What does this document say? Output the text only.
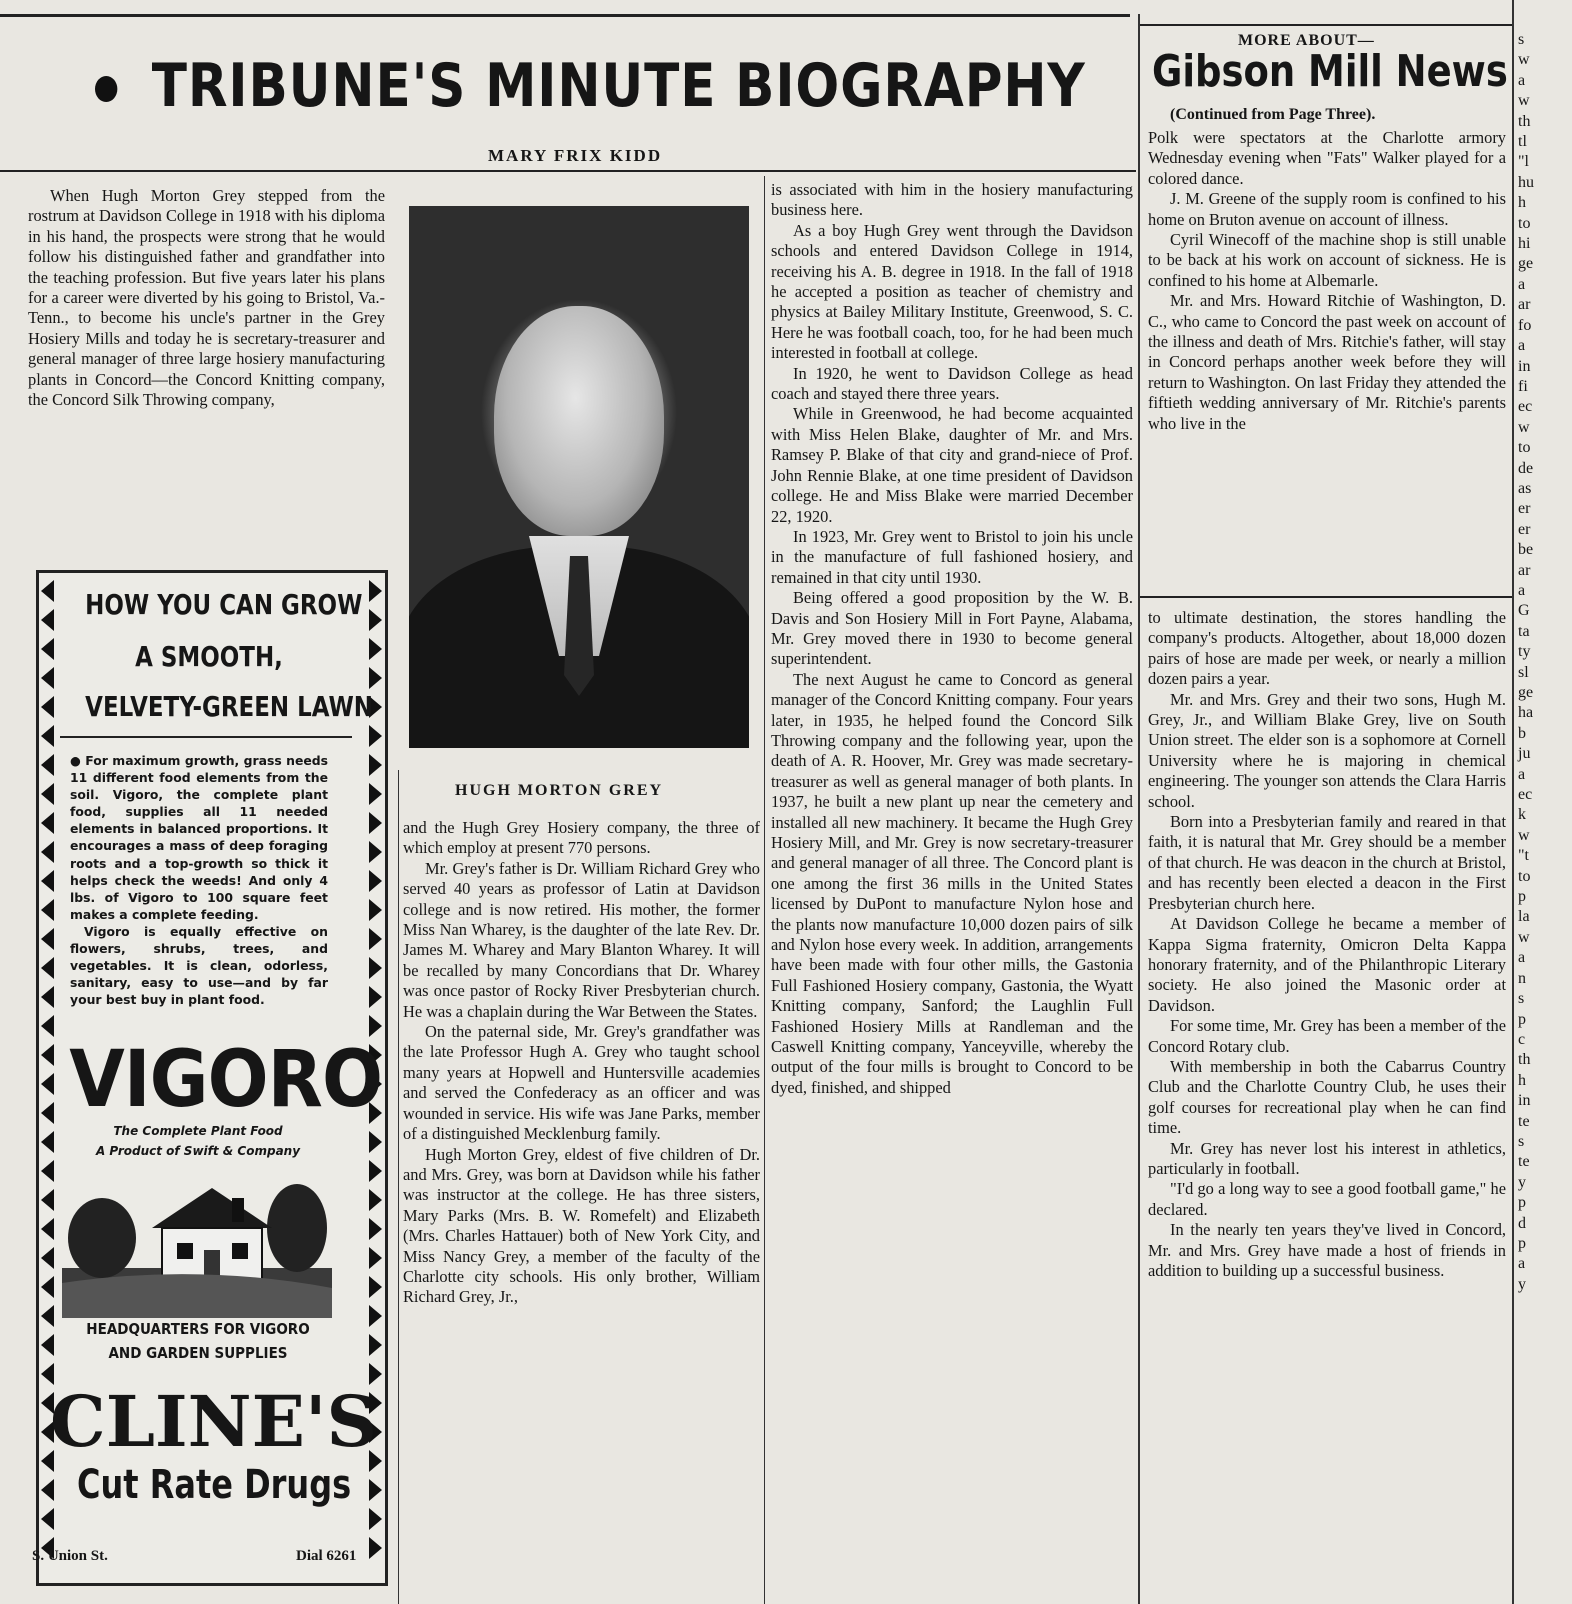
TRIBUNE'S MINUTE BIOGRAPHY
MARY FRIX KIDD

When Hugh Morton Grey stepped from the rostrum at Davidson College in 1918 with his diploma in his hand, the prospects were strong that he would follow his distinguished father and grandfather into the teaching profession. But five years later his plans for a career were diverted by his going to Bristol, Va.-Tenn., to become his uncle's partner in the Grey Hosiery Mills and today he is secretary-treasurer and general manager of three large hosiery manufacturing plants in Concord—the Concord Knitting company, the Concord Silk Throwing company,

HUGH MORTON GREY

and the Hugh Grey Hosiery company, the three of which employ at present 770 persons.

Mr. Grey's father is Dr. William Richard Grey who served 40 years as professor of Latin at Davidson college and is now retired. His mother, the former Miss Nan Wharey, is the daughter of the late Rev. Dr. James M. Wharey and Mary Blanton Wharey. It will be recalled by many Concordians that Dr. Wharey was once pastor of Rocky River Presbyterian church. He was a chaplain during the War Between the States.

On the paternal side, Mr. Grey's grandfather was the late Professor Hugh A. Grey who taught school many years at Hopwell and Huntersville academies and served the Confederacy as an officer and was wounded in service. His wife was Jane Parks, member of a distinguished Mecklenburg family.

Hugh Morton Grey, eldest of five children of Dr. and Mrs. Grey, was born at Davidson while his father was instructor at the college. He has three sisters, Mary Parks (Mrs. B. W. Romefelt) and Elizabeth (Mrs. Charles Hattauer) both of New York City, and Miss Nancy Grey, a member of the faculty of the Charlotte city schools. His only brother, William Richard Grey, Jr.,

is associated with him in the hosiery manufacturing business here.

As a boy Hugh Grey went through the Davidson schools and entered Davidson College in 1914, receiving his A. B. degree in 1918. In the fall of 1918 he accepted a position as teacher of chemistry and physics at Bailey Military Institute, Greenwood, S. C. Here he was football coach, too, for he had been much interested in football at college.

In 1920, he went to Davidson College as head coach and stayed there three years.

While in Greenwood, he had become acquainted with Miss Helen Blake, daughter of Mr. and Mrs. Ramsey P. Blake of that city and grand-niece of Prof. John Rennie Blake, at one time president of Davidson college. He and Miss Blake were married December 22, 1920.

In 1923, Mr. Grey went to Bristol to join his uncle in the manufacture of full fashioned hosiery, and remained in that city until 1930.

Being offered a good proposition by the W. B. Davis and Son Hosiery Mill in Fort Payne, Alabama, Mr. Grey moved there in 1930 to become general superintendent.

The next August he came to Concord as general manager of the Concord Knitting company. Four years later, in 1935, he helped found the Concord Silk Throwing company and the following year, upon the death of A. R. Hoover, Mr. Grey was made secretary-treasurer as well as general manager of both plants. In 1937, he built a new plant up near the cemetery and installed all new machinery. It became the Hugh Grey Hosiery Mill, and Mr. Grey is now secretary-treasurer and general manager of all three. The Concord plant is one among the first 36 mills in the United States licensed by DuPont to manufacture Nylon hose and the plants now manufacture 10,000 dozen pairs of silk and Nylon hose every week. In addition, arrangements have been made with four other mills, the Gastonia Full Fashioned Hosiery company, Gastonia, the Wyatt Knitting company, Sanford; the Laughlin Full Fashioned Hosiery Mills at Randleman and the Caswell Knitting company, Yanceyville, whereby the output of the four mills is brought to Concord to be dyed, finished, and shipped

MORE ABOUT—
Gibson Mill News
(Continued from Page Three).

Polk were spectators at the Charlotte armory Wednesday evening when "Fats" Walker played for a colored dance.

J. M. Greene of the supply room is confined to his home on Bruton avenue on account of illness.

Cyril Winecoff of the machine shop is still unable to be back at his work on account of sickness. He is confined to his home at Albemarle.

Mr. and Mrs. Howard Ritchie of Washington, D. C., who came to Concord the past week on account of the illness and death of Mrs. Ritchie's father, will stay in Concord perhaps another week before they will return to Washington. On last Friday they attended the fiftieth wedding anniversary of Mr. Ritchie's parents who live in the

to ultimate destination, the stores handling the company's products. Altogether, about 18,000 dozen pairs of hose are made per week, or nearly a million dozen pairs a year.

Mr. and Mrs. Grey and their two sons, Hugh M. Grey, Jr., and William Blake Grey, live on South Union street. The elder son is a sophomore at Cornell University where he is majoring in chemical engineering. The younger son attends the Clara Harris school.

Born into a Presbyterian family and reared in that faith, it is natural that Mr. Grey should be a member of that church. He was deacon in the church at Bristol, and has recently been elected a deacon in the First Presbyterian church here.

At Davidson College he became a member of Kappa Sigma fraternity, Omicron Delta Kappa honorary fraternity, and of the Philanthropic Literary society. He also joined the Masonic order at Davidson.

For some time, Mr. Grey has been a member of the Concord Rotary club.

With membership in both the Cabarrus Country Club and the Charlotte Country Club, he uses their golf courses for recreational play when he can find time.

Mr. Grey has never lost his interest in athletics, particularly in football.

"I'd go a long way to see a good football game," he declared.

In the nearly ten years they've lived in Concord, Mr. and Mrs. Grey have made a host of friends in addition to building up a successful business.

s
w
a
w
th
tl
"l
hu
h
to
hi
ge
a
ar
fo
a
in
fi
ec
w
to
de
as
er
er
be
ar
a
G
ta
ty
sl
ge
ha
b
ju
a
ec
k
w
"t
to
p
la
w
a
n
s
p
c
th
h
in
te
s
te
y
p
d
p
a
y
HOW YOU CAN GROW
A SMOOTH,
VELVETY-GREEN LAWN

● For maximum growth, grass needs 11 different food elements from the soil. Vigoro, the complete plant food, supplies all 11 needed elements in balanced proportions. It encourages a mass of deep foraging roots and a top-growth so thick it helps check the weeds! And only 4 lbs. of Vigoro to 100 square feet makes a complete feeding.

Vigoro is equally effective on flowers, shrubs, trees, and vegetables. It is clean, odorless, sanitary, easy to use—and by far your best buy in plant food.

VIGORO
The Complete Plant Food
A Product of Swift & Company
HEADQUARTERS FOR VIGORO
AND GARDEN SUPPLIES
CLINE'S
Cut Rate Drugs
S. Union St.	Dial 6261
